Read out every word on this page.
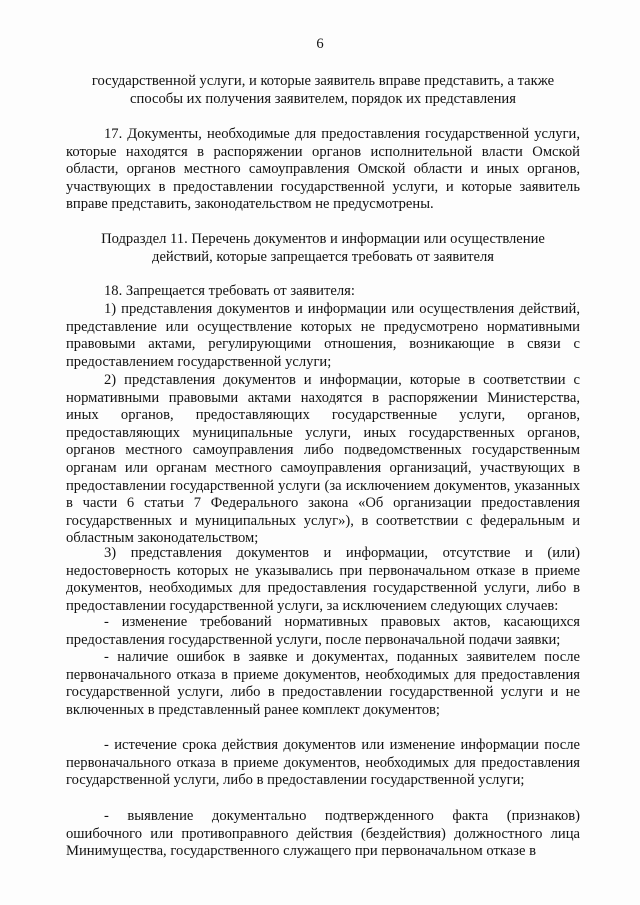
6
государственной услуги, и которые заявитель вправе представить, а также
способы их получения заявителем, порядок их представления

17. Документы, необходимые для предоставления государственной услуги, которые находятся в распоряжении органов исполнительной власти Омской области, органов местного самоуправления Омской области и иных органов, участвующих в предоставлении государственной услуги, и которые заявитель вправе представить, законодательством не предусмотрены.

Подраздел 11. Перечень документов и информации или осуществление
действий, которые запрещается требовать от заявителя

18. Запрещается требовать от заявителя:

1) представления документов и информации или осуществления действий, представление или осуществление которых не предусмотрено нормативными правовыми актами, регулирующими отношения, возникающие в связи с предоставлением государственной услуги;

2) представления документов и информации, которые в соответствии с нормативными правовыми актами находятся в распоряжении Министерства, иных органов, предоставляющих государственные услуги, органов, предоставляющих муниципальные услуги, иных государственных органов, органов местного самоуправления либо подведомственных государственным органам или органам местного самоуправления организаций, участвующих в предоставлении государственной услуги (за исключением документов, указанных в части 6 статьи 7 Федерального закона «Об организации предоставления государственных и муниципальных услуг»), в соответствии с федеральным и областным законодательством;

3) представления документов и информации, отсутствие и (или) недостоверность которых не указывались при первоначальном отказе в приеме документов, необходимых для предоставления государственной услуги, либо в предоставлении государственной услуги, за исключением следующих случаев:

- изменение требований нормативных правовых актов, касающихся предоставления государственной услуги, после первоначальной подачи заявки;

- наличие ошибок в заявке и документах, поданных заявителем после первоначального отказа в приеме документов, необходимых для предоставления государственной услуги, либо в предоставлении государственной услуги и не включенных в представленный ранее комплект документов;

- истечение срока действия документов или изменение информации после первоначального отказа в приеме документов, необходимых для предоставления государственной услуги, либо в предоставлении государственной услуги;

- выявление документально подтвержденного факта (признаков) ошибочного или противоправного действия (бездействия) должностного лица Минимущества, государственного служащего при первоначальном отказе в
